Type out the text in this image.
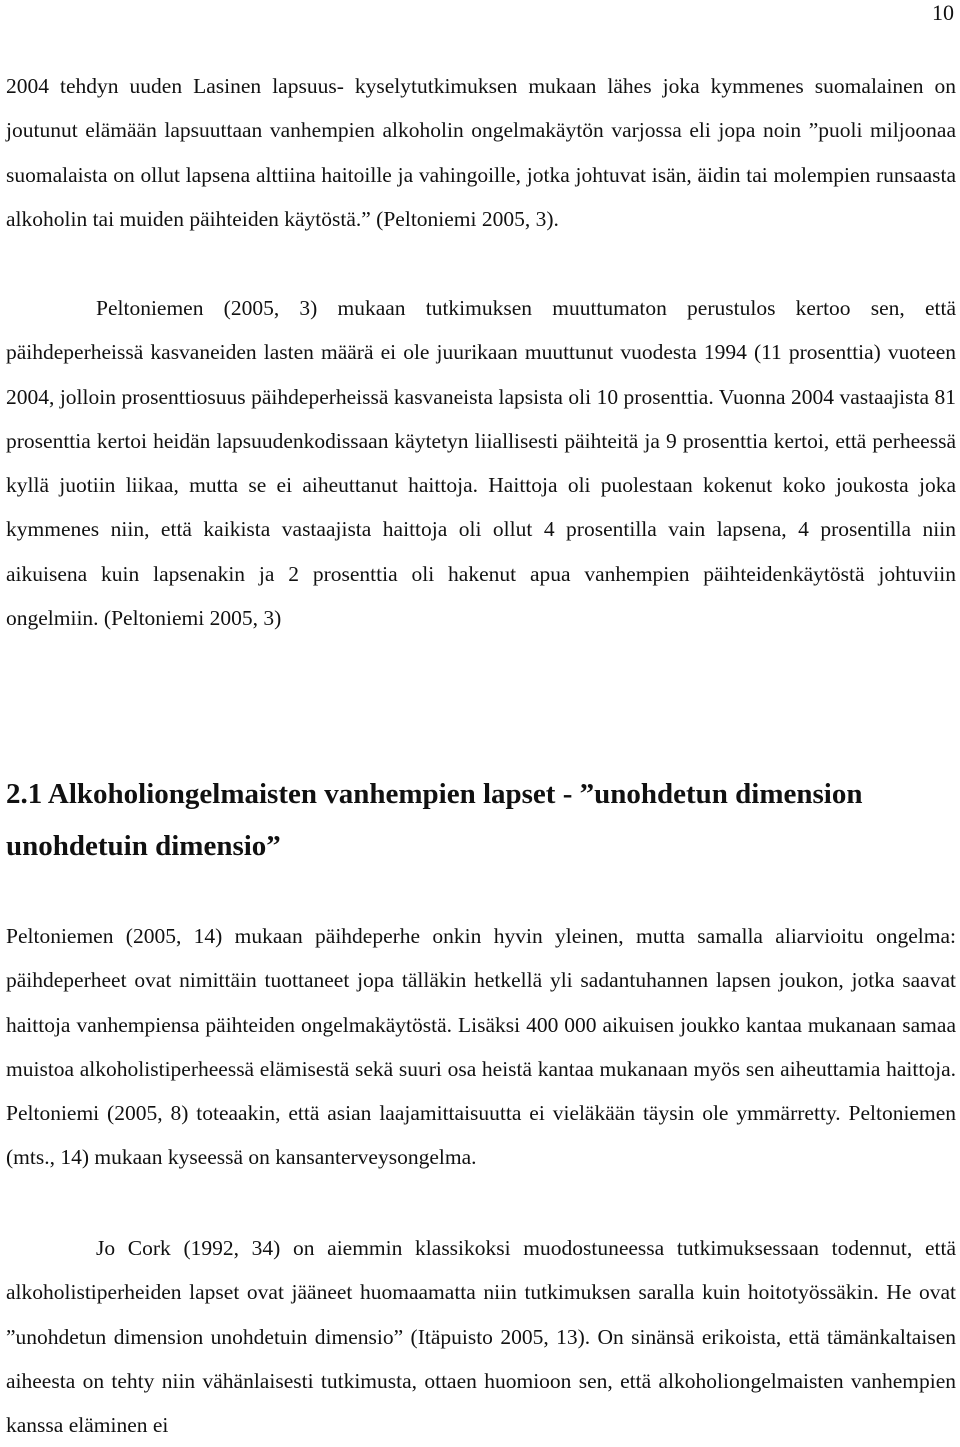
10

2004 tehdyn uuden Lasinen lapsuus- kyselytutkimuksen mukaan lähes joka kymmenes suomalainen on joutunut elämään lapsuuttaan vanhempien alkoholin ongelmakäytön varjossa eli jopa noin ”puoli miljoonaa suomalaista on ollut lapsena alttiina haitoille ja vahingoille, jotka johtuvat isän, äidin tai molempien runsaasta alkoholin tai muiden päihteiden käytöstä.” (Peltoniemi 2005, 3).

Peltoniemen (2005, 3) mukaan tutkimuksen muuttumaton perustulos kertoo sen, että päihdeperheissä kasvaneiden lasten määrä ei ole juurikaan muuttunut vuodesta 1994 (11 prosenttia) vuoteen 2004, jolloin prosenttiosuus päihdeperheissä kasvaneista lapsista oli 10 prosenttia. Vuonna 2004 vastaajista 81 prosenttia kertoi heidän lapsuudenkodissaan käytetyn liiallisesti päihteitä ja 9 prosenttia kertoi, että perheessä kyllä juotiin liikaa, mutta se ei aiheuttanut haittoja. Haittoja oli puolestaan kokenut koko joukosta joka kymmenes niin, että kaikista vastaajista haittoja oli ollut 4 prosentilla vain lapsena, 4 prosentilla niin aikuisena kuin lapsenakin ja 2 prosenttia oli hakenut apua vanhempien päihteidenkäytöstä johtuviin ongelmiin. (Peltoniemi 2005, 3)

2.1 Alkoholiongelmaisten vanhempien lapset - ”unohdetun dimension unohdetuin dimensio”

Peltoniemen (2005, 14) mukaan päihdeperhe onkin hyvin yleinen, mutta samalla aliarvioitu ongelma: päihdeperheet ovat nimittäin tuottaneet jopa tälläkin hetkellä yli sadantuhannen lapsen joukon, jotka saavat haittoja vanhempiensa päihteiden ongelmakäytöstä. Lisäksi 400 000 aikuisen joukko kantaa mukanaan samaa muistoa alkoholistiperheessä elämisestä sekä suuri osa heistä kantaa mukanaan myös sen aiheuttamia haittoja. Peltoniemi (2005, 8) toteaakin, että asian laajamittaisuutta ei vieläkään täysin ole ymmärretty. Peltoniemen (mts., 14) mukaan kyseessä on kansanterveysongelma.

Jo Cork (1992, 34) on aiemmin klassikoksi muodostuneessa tutkimuksessaan todennut, että alkoholistiperheiden lapset ovat jääneet huomaamatta niin tutkimuksen saralla kuin hoitotyössäkin. He ovat ”unohdetun dimension unohdetuin dimensio” (Itäpuisto 2005, 13). On sinänsä erikoista, että tämänkaltaisen aiheesta on tehty niin vähänlaisesti tutkimusta, ottaen huomioon sen, että alkoholiongelmaisten vanhempien kanssa eläminen ei
